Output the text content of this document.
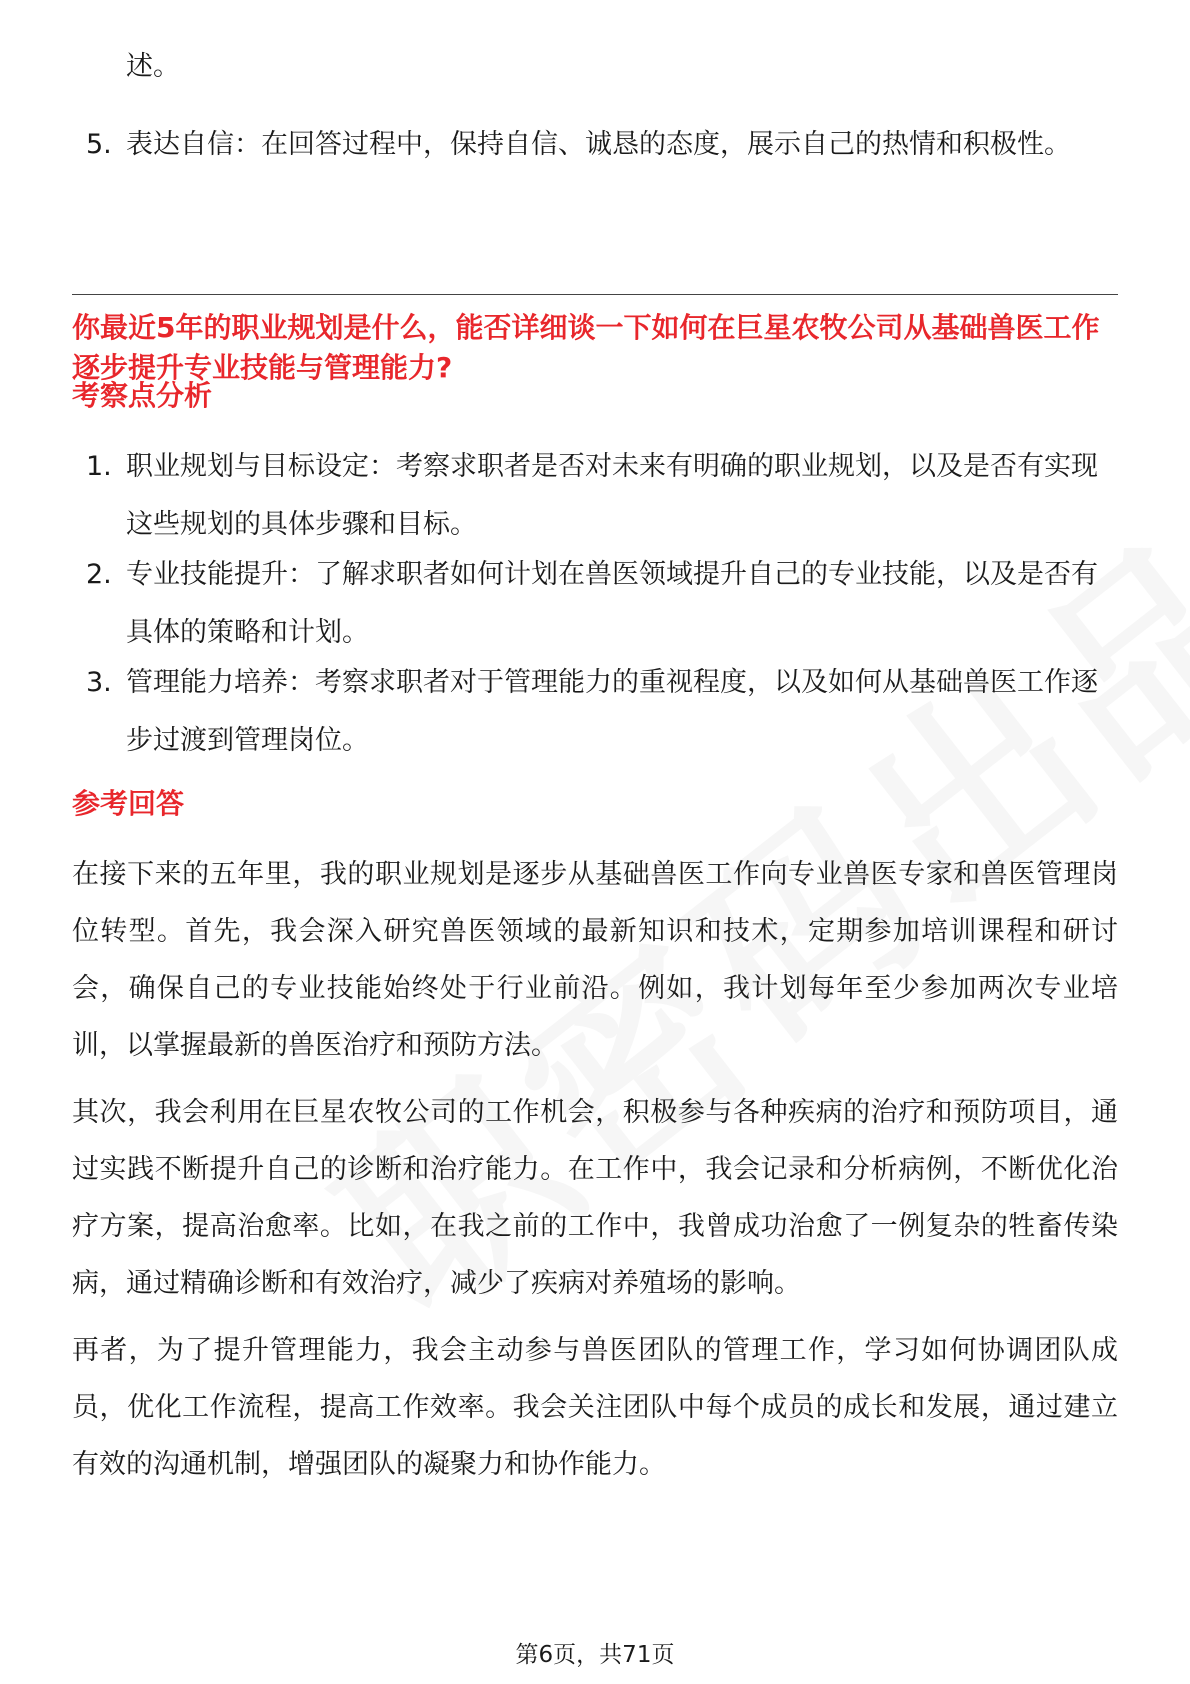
述。
5. 表达自信：在回答过程中，保持自信、诚恳的态度，展示自己的热情和积极性。
你最近5年的职业规划是什么，能否详细谈一下如何在巨星农牧公司从基础兽医工作逐步提升专业技能与管理能力?
考察点分析
1. 职业规划与目标设定：考察求职者是否对未来有明确的职业规划，以及是否有实现这些规划的具体步骤和目标。
2. 专业技能提升：了解求职者如何计划在兽医领域提升自己的专业技能，以及是否有具体的策略和计划。
3. 管理能力培养：考察求职者对于管理能力的重视程度，以及如何从基础兽医工作逐步过渡到管理岗位。
参考回答
在接下来的五年里，我的职业规划是逐步从基础兽医工作向专业兽医专家和兽医管理岗位转型。首先，我会深入研究兽医领域的最新知识和技术，定期参加培训课程和研讨会，确保自己的专业技能始终处于行业前沿。例如，我计划每年至少参加两次专业培训，以掌握最新的兽医治疗和预防方法。
其次，我会利用在巨星农牧公司的工作机会，积极参与各种疾病的治疗和预防项目，通过实践不断提升自己的诊断和治疗能力。在工作中，我会记录和分析病例，不断优化治疗方案，提高治愈率。比如，在我之前的工作中，我曾成功治愈了一例复杂的牲畜传染病，通过精确诊断和有效治疗，减少了疾病对养殖场的影响。
再者，为了提升管理能力，我会主动参与兽医团队的管理工作，学习如何协调团队成员，优化工作流程，提高工作效率。我会关注团队中每个成员的成长和发展，通过建立有效的沟通机制，增强团队的凝聚力和协作能力。
第6页，共71页
